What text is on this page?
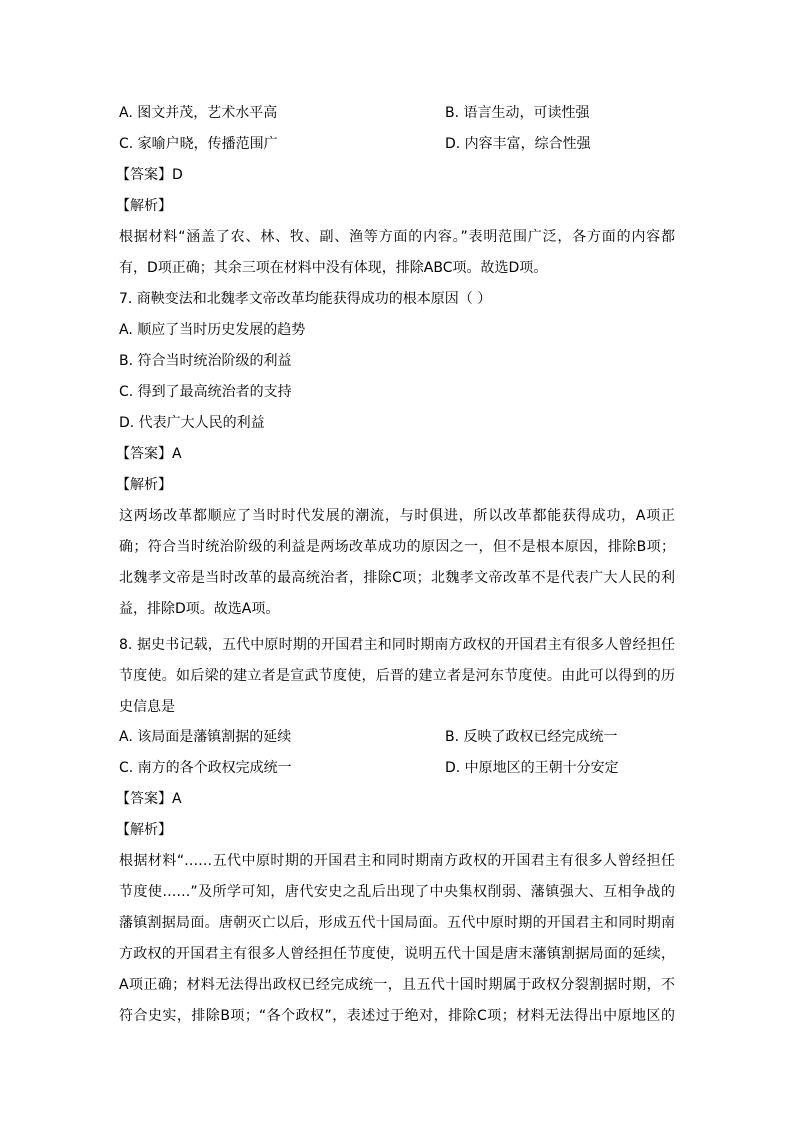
A. 图文并茂，艺术水平高	B. 语言生动，可读性强
C. 家喻户晓，传播范围广	D. 内容丰富，综合性强
【答案】D
【解析】
根据材料“涵盖了农、林、牧、副、渔等方面的内容。”表明范围广泛，各方面的内容都
有，D项正确；其余三项在材料中没有体现，排除ABC项。故选D项。
7. 商鞅变法和北魏孝文帝改革均能获得成功的根本原因（ ）
A. 顺应了当时历史发展的趋势
B. 符合当时统治阶级的利益
C. 得到了最高统治者的支持
D. 代表广大人民的利益
【答案】A
【解析】
这两场改革都顺应了当时时代发展的潮流，与时俱进，所以改革都能获得成功，A项正
确；符合当时统治阶级的利益是两场改革成功的原因之一，但不是根本原因，排除B项；
北魏孝文帝是当时改革的最高统治者，排除C项；北魏孝文帝改革不是代表广大人民的利
益，排除D项。故选A项。
8. 据史书记载，五代中原时期的开国君主和同时期南方政权的开国君主有很多人曾经担任
节度使。如后梁的建立者是宣武节度使，后晋的建立者是河东节度使。由此可以得到的历
史信息是
A. 该局面是藩镇割据的延续	B. 反映了政权已经完成统一
C. 南方的各个政权完成统一	D. 中原地区的王朝十分安定
【答案】A
【解析】
根据材料“……五代中原时期的开国君主和同时期南方政权的开国君主有很多人曾经担任
节度使……”及所学可知，唐代安史之乱后出现了中央集权削弱、藩镇强大、互相争战的
藩镇割据局面。唐朝灭亡以后，形成五代十国局面。五代中原时期的开国君主和同时期南
方政权的开国君主有很多人曾经担任节度使，说明五代十国是唐末藩镇割据局面的延续，
A项正确；材料无法得出政权已经完成统一，且五代十国时期属于政权分裂割据时期，不
符合史实，排除B项；“各个政权”，表述过于绝对，排除C项；材料无法得出中原地区的
